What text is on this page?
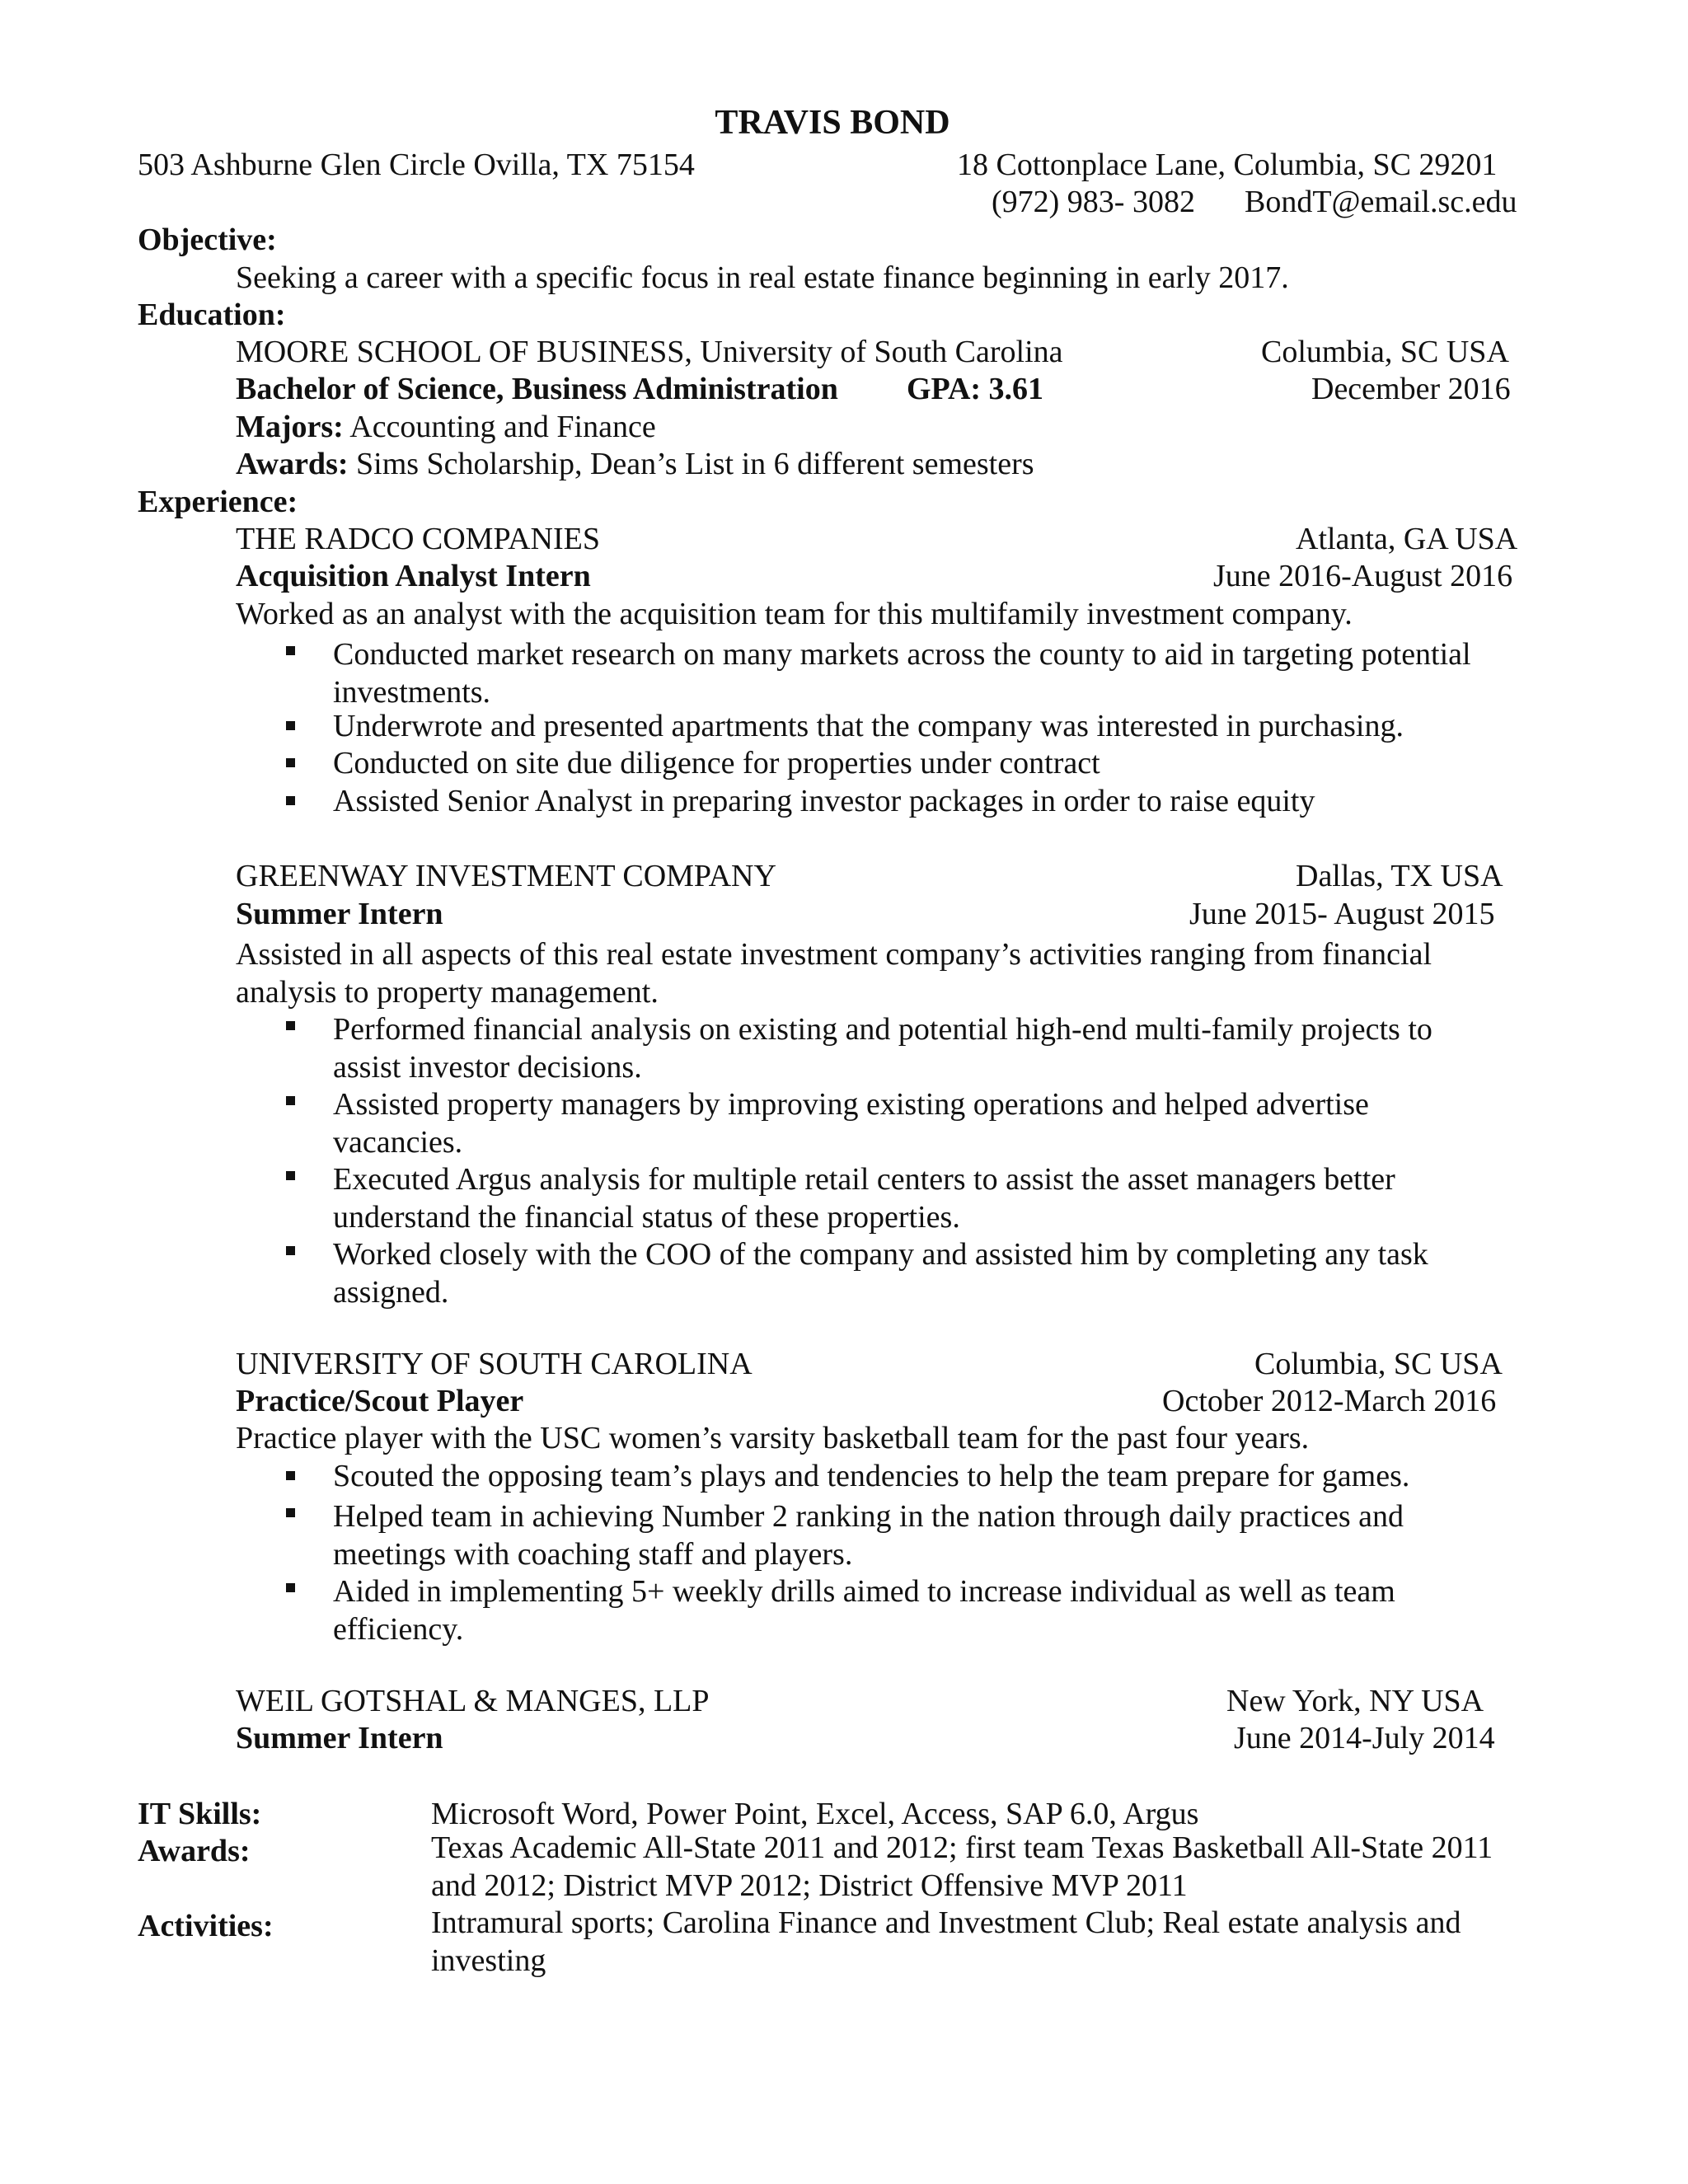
TRAVIS BOND
503 Ashburne Glen Circle Ovilla, TX 75154	18 Cottonplace Lane, Columbia, SC 29201
(972) 983- 3082 BondT@email.sc.edu
Objective:
Seeking a career with a specific focus in real estate finance beginning in early 2017.
Education:
MOORE SCHOOL OF BUSINESS, University of South Carolina	Columbia, SC USA
Bachelor of Science, Business Administration GPA: 3.61	December 2016
Majors: Accounting and Finance
Awards: Sims Scholarship, Dean’s List in 6 different semesters
Experience:
THE RADCO COMPANIES	Atlanta, GA USA
Acquisition Analyst Intern	June 2016-August 2016
Worked as an analyst with the acquisition team for this multifamily investment company.
Conducted market research on many markets across the county to aid in targeting potential investments.
Underwrote and presented apartments that the company was interested in purchasing.
Conducted on site due diligence for properties under contract
Assisted Senior Analyst in preparing investor packages in order to raise equity
GREENWAY INVESTMENT COMPANY	Dallas, TX USA
Summer Intern	June 2015- August 2015
Assisted in all aspects of this real estate investment company’s activities ranging from financial analysis to property management.
Performed financial analysis on existing and potential high-end multi-family projects to assist investor decisions.
Assisted property managers by improving existing operations and helped advertise vacancies.
Executed Argus analysis for multiple retail centers to assist the asset managers better understand the financial status of these properties.
Worked closely with the COO of the company and assisted him by completing any task assigned.
UNIVERSITY OF SOUTH CAROLINA	Columbia, SC USA
Practice/Scout Player	October 2012-March 2016
Practice player with the USC women’s varsity basketball team for the past four years.
Scouted the opposing team’s plays and tendencies to help the team prepare for games.
Helped team in achieving Number 2 ranking in the nation through daily practices and meetings with coaching staff and players.
Aided in implementing 5+ weekly drills aimed to increase individual as well as team efficiency.
WEIL GOTSHAL & MANGES, LLP	New York, NY USA
Summer Intern	June 2014-July 2014
IT Skills:	Microsoft Word, Power Point, Excel, Access, SAP 6.0, Argus
Awards:	Texas Academic All-State 2011 and 2012; first team Texas Basketball All-State 2011 and 2012; District MVP 2012; District Offensive MVP 2011
Activities:	Intramural sports; Carolina Finance and Investment Club; Real estate analysis and investing
